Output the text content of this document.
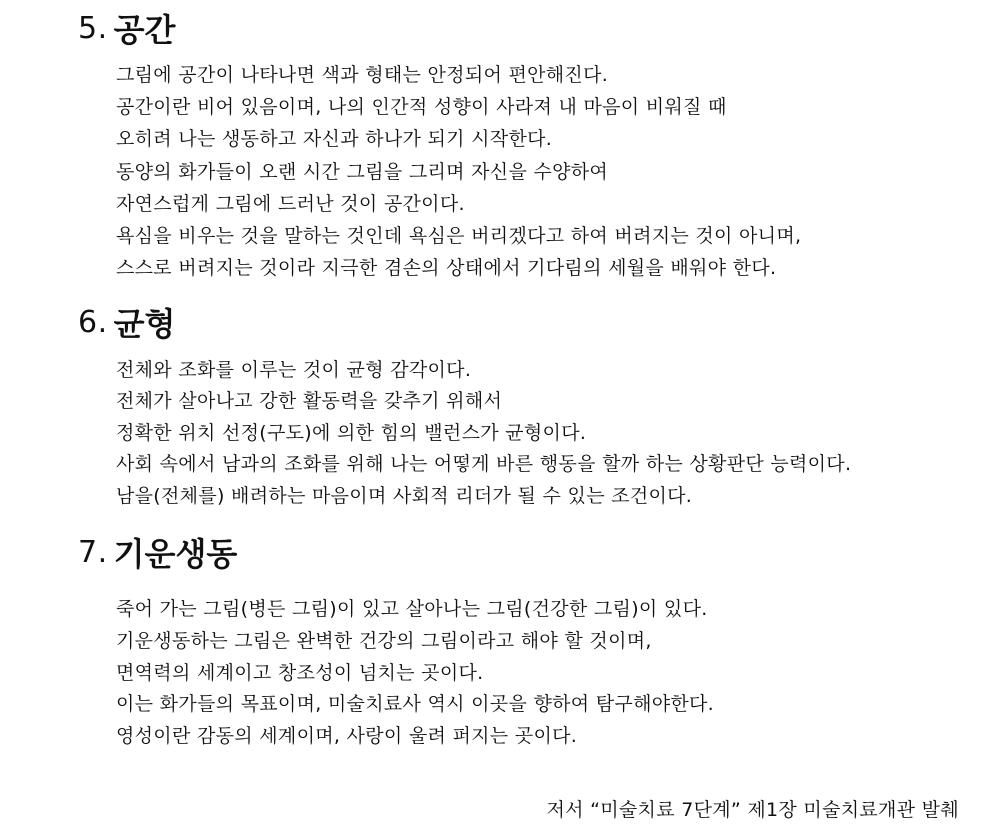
5. 공간
그림에 공간이 나타나면 색과 형태는 안정되어 편안해진다.
공간이란 비어 있음이며, 나의 인간적 성향이 사라져 내 마음이 비워질 때
오히려 나는 생동하고 자신과 하나가 되기 시작한다.
동양의 화가들이 오랜 시간 그림을 그리며 자신을 수양하여
자연스럽게 그림에 드러난 것이 공간이다.
욕심을 비우는 것을 말하는 것인데 욕심은 버리겠다고 하여 버려지는 것이 아니며,
스스로 버려지는 것이라 지극한 겸손의 상태에서 기다림의 세월을 배워야 한다.
6. 균형
전체와 조화를 이루는 것이 균형 감각이다.
전체가 살아나고 강한 활동력을 갖추기 위해서
정확한 위치 선정(구도)에 의한 힘의 밸런스가 균형이다.
사회 속에서 남과의 조화를 위해 나는 어떻게 바른 행동을 할까 하는 상황판단 능력이다.
남을(전체를) 배려하는 마음이며 사회적 리더가 될 수 있는 조건이다.
7. 기운생동
죽어 가는 그림(병든 그림)이 있고 살아나는 그림(건강한 그림)이 있다.
기운생동하는 그림은 완벽한 건강의 그림이라고 해야 할 것이며,
면역력의 세계이고 창조성이 넘치는 곳이다.
이는 화가들의 목표이며, 미술치료사 역시 이곳을 향하여 탐구해야한다.
영성이란 감동의 세계이며, 사랑이 울려 퍼지는 곳이다.
저서 “미술치료 7단계” 제1장 미술치료개관 발췌
